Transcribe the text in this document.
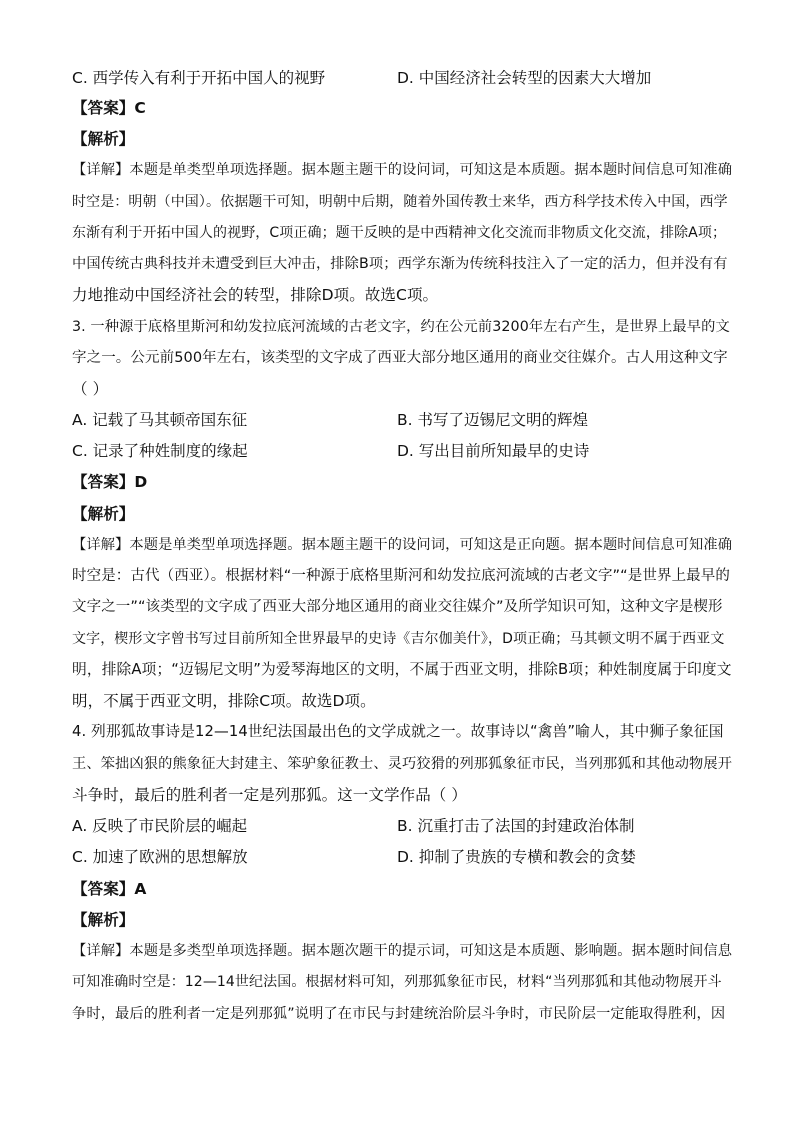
C. 西学传入有利于开拓中国人的视野	D. 中国经济社会转型的因素大大增加
【答案】C
【解析】
【详解】本题是单类型单项选择题。据本题主题干的设问词，可知这是本质题。据本题时间信息可知准确
时空是：明朝（中国）。依据题干可知，明朝中后期，随着外国传教士来华，西方科学技术传入中国，西学
东渐有利于开拓中国人的视野，C项正确；题干反映的是中西精神文化交流而非物质文化交流，排除A项；
中国传统古典科技并未遭受到巨大冲击，排除B项；西学东渐为传统科技注入了一定的活力，但并没有有
力地推动中国经济社会的转型，排除D项。故选C项。
3. 一种源于底格里斯河和幼发拉底河流域的古老文字，约在公元前3200年左右产生，是世界上最早的文
字之一。公元前500年左右，该类型的文字成了西亚大部分地区通用的商业交往媒介。古人用这种文字
（ ）
A. 记载了马其顿帝国东征	B. 书写了迈锡尼文明的辉煌
C. 记录了种姓制度的缘起	D. 写出目前所知最早的史诗
【答案】D
【解析】
【详解】本题是单类型单项选择题。据本题主题干的设问词，可知这是正向题。据本题时间信息可知准确
时空是：古代（西亚）。根据材料“一种源于底格里斯河和幼发拉底河流域的古老文字”“是世界上最早的
文字之一”“该类型的文字成了西亚大部分地区通用的商业交往媒介”及所学知识可知，这种文字是楔形
文字，楔形文字曾书写过目前所知全世界最早的史诗《吉尔伽美什》，D项正确；马其顿文明不属于西亚文
明，排除A项；“迈锡尼文明”为爱琴海地区的文明，不属于西亚文明，排除B项；种姓制度属于印度文
明，不属于西亚文明，排除C项。故选D项。
4. 列那狐故事诗是12—14世纪法国最出色的文学成就之一。故事诗以“禽兽”喻人，其中狮子象征国
王、笨拙凶狠的熊象征大封建主、笨驴象征教士、灵巧狡猾的列那狐象征市民，当列那狐和其他动物展开
斗争时，最后的胜利者一定是列那狐。这一文学作品（ ）
A. 反映了市民阶层的崛起	B. 沉重打击了法国的封建政治体制
C. 加速了欧洲的思想解放	D. 抑制了贵族的专横和教会的贪婪
【答案】A
【解析】
【详解】本题是多类型单项选择题。据本题次题干的提示词，可知这是本质题、影响题。据本题时间信息
可知准确时空是：12—14世纪法国。根据材料可知，列那狐象征市民，材料“当列那狐和其他动物展开斗
争时，最后的胜利者一定是列那狐”说明了在市民与封建统治阶层斗争时，市民阶层一定能取得胜利，因
